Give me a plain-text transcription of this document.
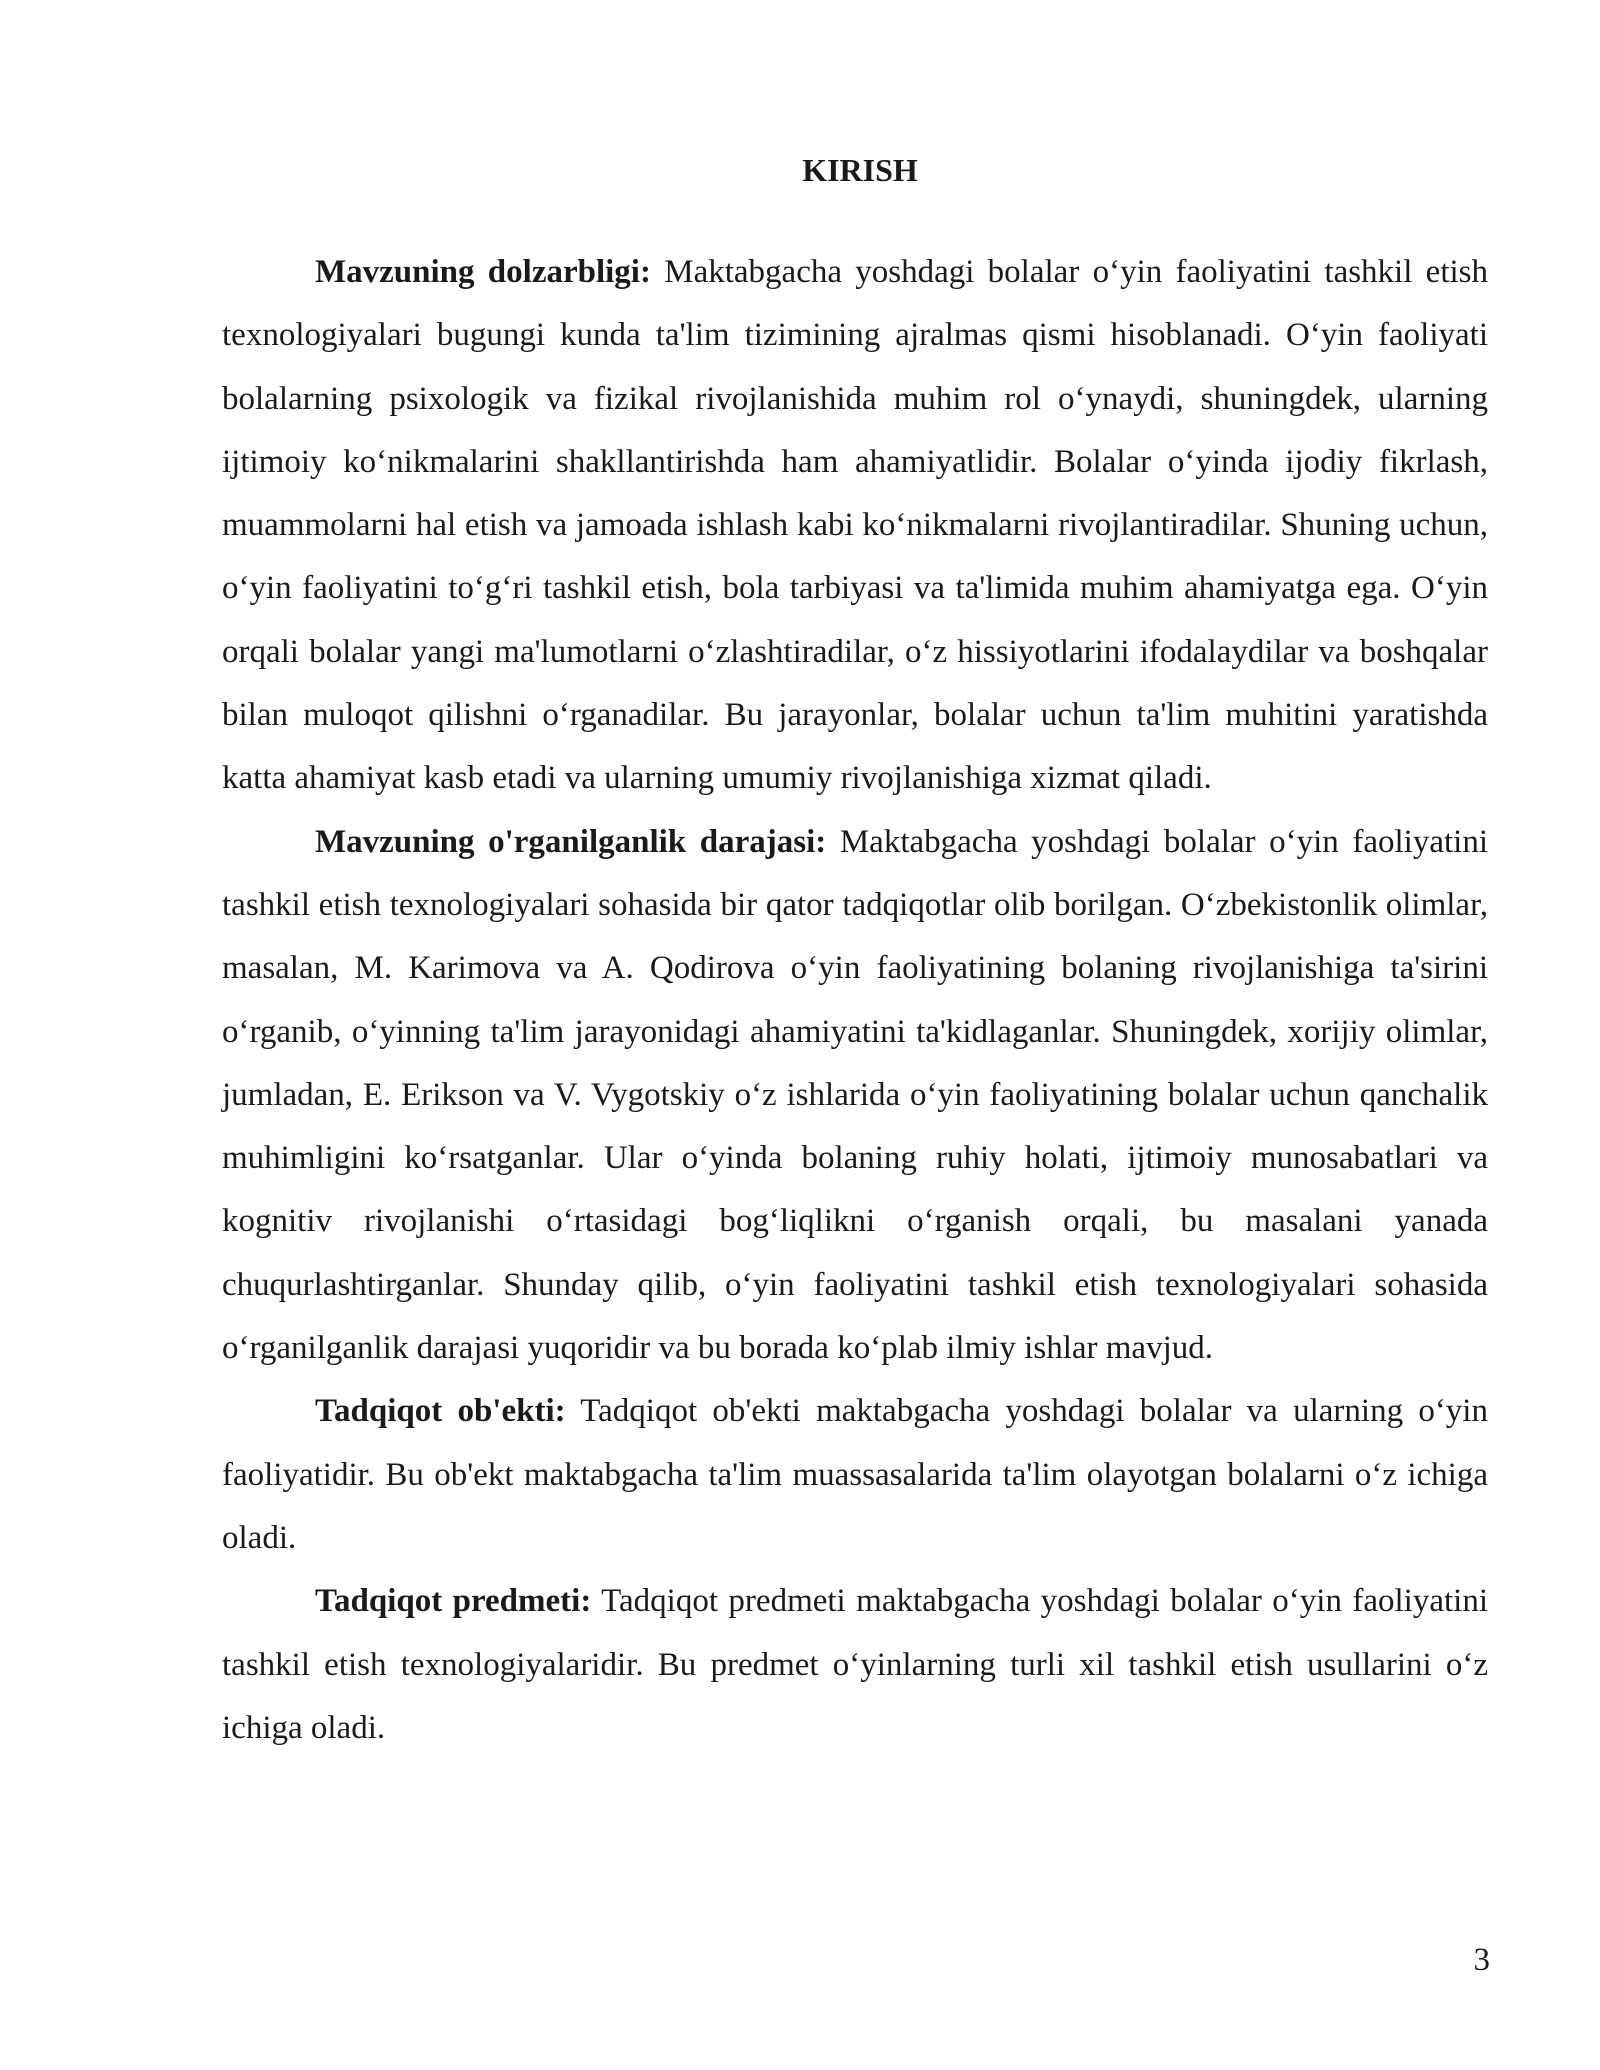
KIRISH

Mavzuning dolzarbligi: Maktabgacha yoshdagi bolalar o‘yin faoliyatini tashkil etish texnologiyalari bugungi kunda ta'lim tizimining ajralmas qismi hisoblanadi. O‘yin faoliyati bolalarning psixologik va fizikal rivojlanishida muhim rol o‘ynaydi, shuningdek, ularning ijtimoiy ko‘nikmalarini shakllantirishda ham ahamiyatlidir. Bolalar o‘yinda ijodiy fikrlash, muammolarni hal etish va jamoada ishlash kabi ko‘nikmalarni rivojlantiradilar. Shuning uchun, o‘yin faoliyatini to‘g‘ri tashkil etish, bola tarbiyasi va ta'limida muhim ahamiyatga ega. O‘yin orqali bolalar yangi ma'lumotlarni o‘zlashtiradilar, o‘z hissiyotlarini ifodalaydilar va boshqalar bilan muloqot qilishni o‘rganadilar. Bu jarayonlar, bolalar uchun ta'lim muhitini yaratishda katta ahamiyat kasb etadi va ularning umumiy rivojlanishiga xizmat qiladi.

Mavzuning o'rganilganlik darajasi: Maktabgacha yoshdagi bolalar o‘yin faoliyatini tashkil etish texnologiyalari sohasida bir qator tadqiqotlar olib borilgan. O‘zbekistonlik olimlar, masalan, M. Karimova va A. Qodirova o‘yin faoliyatining bolaning rivojlanishiga ta'sirini o‘rganib, o‘yinning ta'lim jarayonidagi ahamiyatini ta'kidlaganlar. Shuningdek, xorijiy olimlar, jumladan, E. Erikson va V. Vygotskiy o‘z ishlarida o‘yin faoliyatining bolalar uchun qanchalik muhimligini ko‘rsatganlar. Ular o‘yinda bolaning ruhiy holati, ijtimoiy munosabatlari va kognitiv rivojlanishi o‘rtasidagi bog‘liqlikni o‘rganish orqali, bu masalani yanada chuqurlashtirganlar. Shunday qilib, o‘yin faoliyatini tashkil etish texnologiyalari sohasida o‘rganilganlik darajasi yuqoridir va bu borada ko‘plab ilmiy ishlar mavjud.

Tadqiqot ob'ekti: Tadqiqot ob'ekti maktabgacha yoshdagi bolalar va ularning o‘yin faoliyatidir. Bu ob'ekt maktabgacha ta'lim muassasalarida ta'lim olayotgan bolalarni o‘z ichiga oladi.

Tadqiqot predmeti: Tadqiqot predmeti maktabgacha yoshdagi bolalar o‘yin faoliyatini tashkil etish texnologiyalaridir. Bu predmet o‘yinlarning turli xil tashkil etish usullarini o‘z ichiga oladi.

3
